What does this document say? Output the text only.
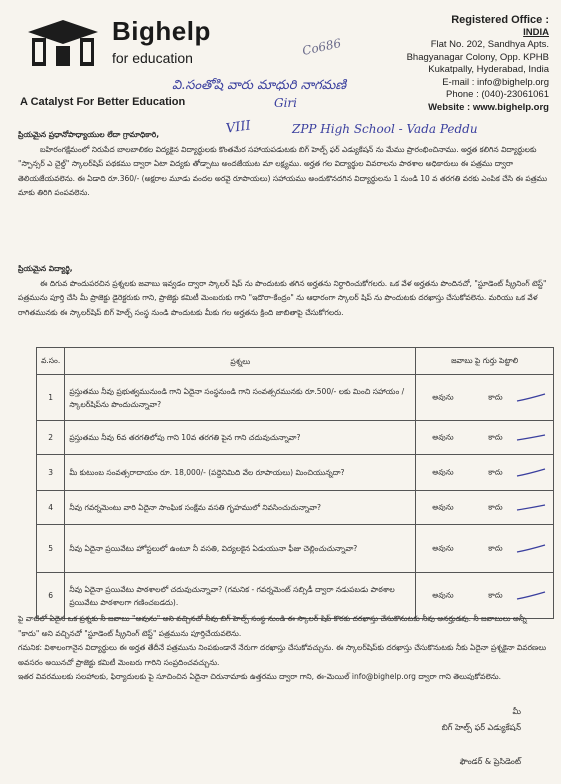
Bighelp
for education
A Catalyst For Better Education
Registered Office :
INDIA
Flat No. 202, Sandhya Apts.
Bhagyanagar Colony, Opp. KPHB
Kukatpally, Hyderabad, India
E-mail : info@bighelp.org
Phone : (040)-23061061
Website : www.bighelp.org
Co686
వి.సంతోషి వారు మాధురి నాగమణి
Giri
VIII	ZPP High School - Vada Peddu

ప్రియమైన ప్రధానోపాధ్యాయుల లేదా గ్రామాధికారి,

బహిరంగక్షేమంలో నిరుపేద బాలబాలికల విద్యకైన విద్యార్థులకు కొంతమేర సహాయపడుటకు బిగ్ హెల్ప్ ఫర్ ఎడ్యుకేషన్ ను మేము ప్రారంభించినాము. అర్హత కలిగిన విద్యార్థులకు "స్పాన్సర్ ఎ చైల్డ్" స్కాలర్‌షిప్ పథకము ద్వారా ఏటా విద్యకు తోడ్పాటు అందజేయుట మా లక్ష్యము. అర్హత గల విద్యార్థుల వివరాలను పాఠశాల అధికారులు ఈ పత్రము ద్వారా తెలియజేయవలెను. ఈ ఏడాది రూ.360/- (అక్షరాల మూడు వందల అరవై రూపాయలు) సహాయము అందుకొనదగిన విద్యార్థులను 1 నుండి 10 వ తరగతి వరకు ఎంపిక చేసి ఈ పత్రము మాకు తిరిగి పంపవలెను.

ప్రియమైన విద్యార్థి,

ఈ దిగువ పొందుపరచిన ప్రశ్నలకు జవాబు ఇవ్వడం ద్వారా స్కాలర్ షిప్ ను పొందుటకు తగిన అర్హతను నిర్ధారించుకోగలరు. ఒక వేళ అర్హతను పొందినచో, "స్టూడెంట్ స్క్రీనింగ్ టెస్ట్" పత్రమును పూర్తి చేసి మీ ప్రాజెక్టు డైరెక్టరుకు గాని, ప్రాజెక్టు కమిటీ మెంబరుకు గాని "ఇదొరా-కేంద్రం" ను ఆధారంగా స్కాలర్ షిప్ ను పొందుటకు దరఖాస్తు చేసుకోవలెను. మరియు ఒక వేళ రాగితమునకు ఈ స్కాలర్‌షిప్ బిగ్ హెల్ప్ సంస్థ నుండి పొందుటకు మీకు గల అర్హతను క్రింది జాబితాపై చేసుకోగలరు.

వ.సం.	ప్రశ్నలు	జవాబు పై గుర్తు పెట్టాలి
1	ప్రస్తుతము నీవు ప్రభుత్వమునుండి గాని ఏదైనా సంస్థనుండి గాని సంవత్సరమునకు రూ.500/- లకు మించి సహాయం / స్కాలర్‌షిప్‌ను పొందుచున్నావా?	అవును కాదు

2	ప్రస్తుతము నీవు 6వ తరగతిలోపు గాని 10వ తరగతి పైన గాని చదువుచున్నావా?	అవును కాదు

3	మీ కుటుంబ సంవత్సరాదాయం రూ. 18,000/- (పద్దెనిమిది వేల రూపాయలు) మించియున్నదా?	అవును కాదు

4	నీవు గవర్నమెంటు వారి ఏదైనా సాంఘిక సంక్షేమ వసతి గృహములో నివసించుచున్నావా?	అవును కాదు

5	నీవు ఏదైనా ప్రయివేటు హోస్టలులో ఉంటూ నీ వసతి, విద్యలకైన ఏడుయునా ఫీజు చెల్లించుచున్నావా?	అవును కాదు

6	నీవు ఏదైనా ప్రయివేటు పాఠశాలలో చదువుచున్నావా? (గమనిక - గవర్నమెంట్ సబ్సిడీ ద్వారా నడుపబడు పాఠశాల ప్రయివేటు పాఠశాలగా గణించబడదు).	అవును కాదు

పై వాటిలో ఏదైన ఒక ప్రశ్నకు నీ జవాబు "అవును" అని వచ్చినచో నీవు బిగ్ హెల్ప్ సంస్థ నుండి ఈ స్కాలర్ షిప్ కొరకు దరఖాస్తు చేసుకొనుటకు నీవు అనర్హుడవు. నీ జవాబులు అన్నీ "కాదు" అని వచ్చినచో "స్టూడెంట్ స్క్రీనింగ్ టెస్ట్" పత్రమును పూర్తిచేయవలెను.

గమనిక: విశాలంగానైన విద్యార్థులు ఈ అర్హత తేదీనే పత్రమును నింపకుండానే నేరుగా దరఖాస్తు చేసుకోవచ్చును. ఈ స్కాలర్‌షిప్‌కు దరఖాస్తు చేసుకొనుటకు నీకు ఏదైనా ప్రశ్నకైనా వివరణలు అవసరం అయినచో ప్రాజెక్టు కమిటీ మెంబరు గారిని సంప్రదించవచ్చును.

ఇతర వివరములకు సలహాలకు, ఫిర్యాదులకు పై సూచించిన ఏదైనా చిరునామాకు ఉత్తరము ద్వారా గాని, ఈ-మెయిల్ info@bighelp.org ద్వారా గాని తెలుపుకోవలెను.

మీ
బిగ్ హెల్ప్ ఫర్ ఎడ్యుకేషన్
ఫౌండర్ & ప్రెసిడెంట్
